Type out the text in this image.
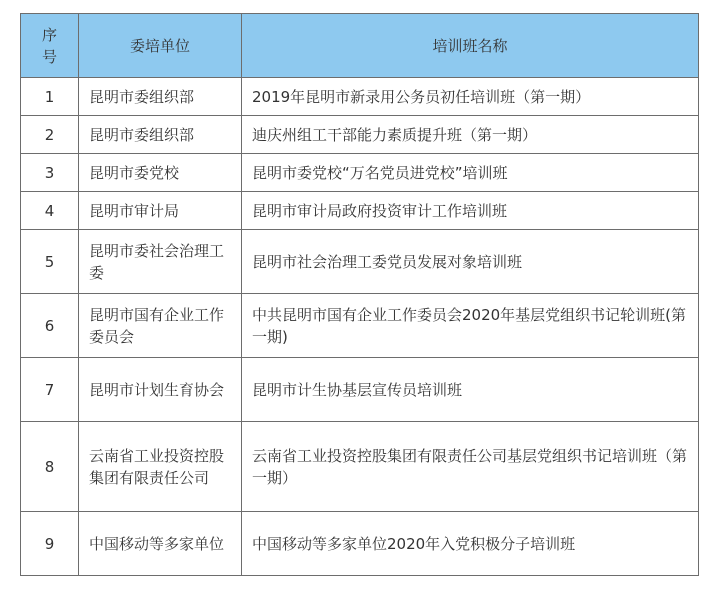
序号	委培单位	培训班名称
1	昆明市委组织部	2019年昆明市新录用公务员初任培训班（第一期）
2	昆明市委组织部	迪庆州组工干部能力素质提升班（第一期）
3	昆明市委党校	昆明市委党校“万名党员进党校”培训班
4	昆明市审计局	昆明市审计局政府投资审计工作培训班
5	昆明市委社会治理工委	昆明市社会治理工委党员发展对象培训班
6	昆明市国有企业工作委员会	中共昆明市国有企业工作委员会2020年基层党组织书记轮训班(第一期)
7	昆明市计划生育协会	昆明市计生协基层宣传员培训班
8	云南省工业投资控股集团有限责任公司	云南省工业投资控股集团有限责任公司基层党组织书记培训班（第一期）
9	中国移动等多家单位	中国移动等多家单位2020年入党积极分子培训班
